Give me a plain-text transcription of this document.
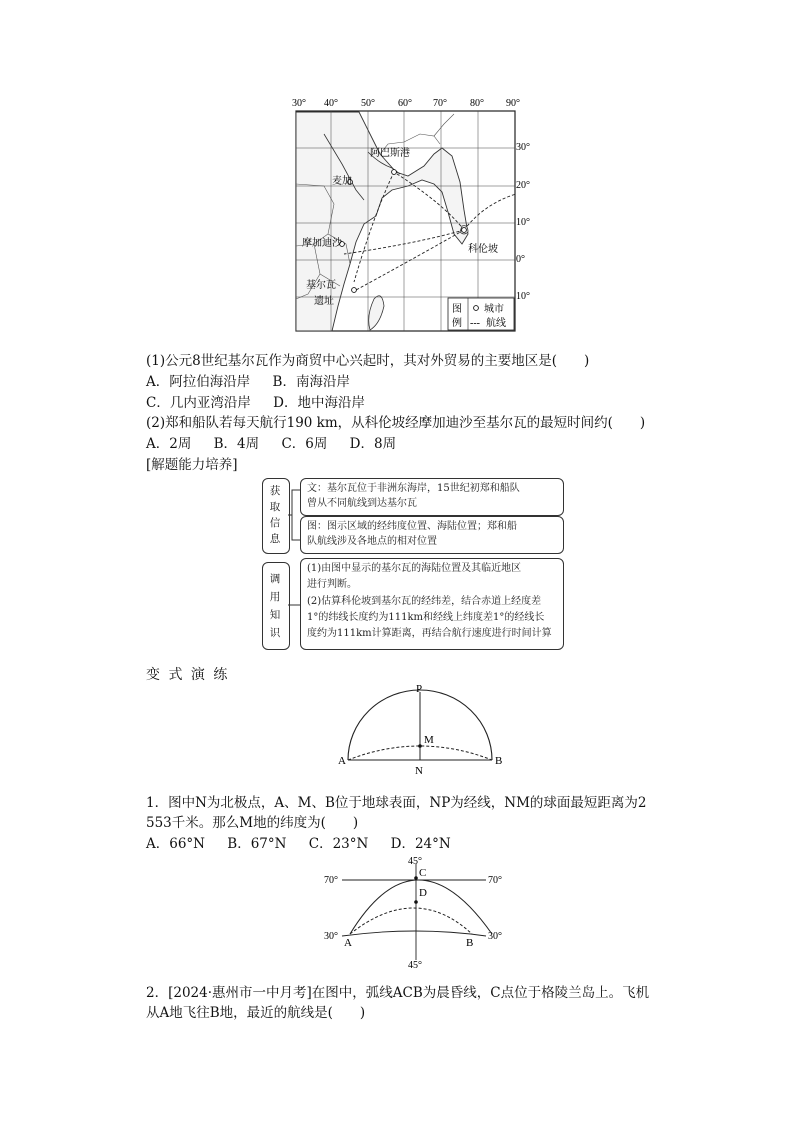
30° 40° 50° 60° 70° 80° 90°
阿巴斯港
麦加
摩加迪沙
科伦坡
基尔瓦
遗址
30°
20°
10°
0°
10°
图
例
城市
--- 航线
(1)公元8世纪基尔瓦作为商贸中心兴起时，其对外贸易的主要地区是(　　)
A．阿拉伯海沿岸 B．南海沿岸
C．几内亚湾沿岸 D．地中海沿岸
(2)郑和船队若每天航行190 km，从科伦坡经摩加迪沙至基尔瓦的最短时间约(　　)
A．2周 B．4周 C．6周 D．8周
[解题能力培养]
获
取
信
息
文：基尔瓦位于非洲东海岸，15世纪初郑和船队
曾从不同航线到达基尔瓦
图：图示区域的经纬度位置、海陆位置；郑和船
队航线涉及各地点的相对位置
调
用
知
识
(1)由图中显示的基尔瓦的海陆位置及其临近地区
进行判断。
(2)估算科伦坡到基尔瓦的经纬差，结合赤道上经度差
1°的纬线长度约为111km和经线上纬度差1°的经线长
度约为111km计算距离，再结合航行速度进行时间计算
变 式 演 练
P
M
A
N
B
1．图中N为北极点，A、M、B位于地球表面，NP为经线，NM的球面最短距离为2
553千米。那么M地的纬度为(　　)
A．66°N B．67°N C．23°N D．24°N
45°
45°
70°	70°
30°	30°
C
D
A	B
2．[2024·惠州市一中月考]在图中，弧线ACB为晨昏线，C点位于格陵兰岛上。飞机
从A地飞往B地，最近的航线是(　　)
